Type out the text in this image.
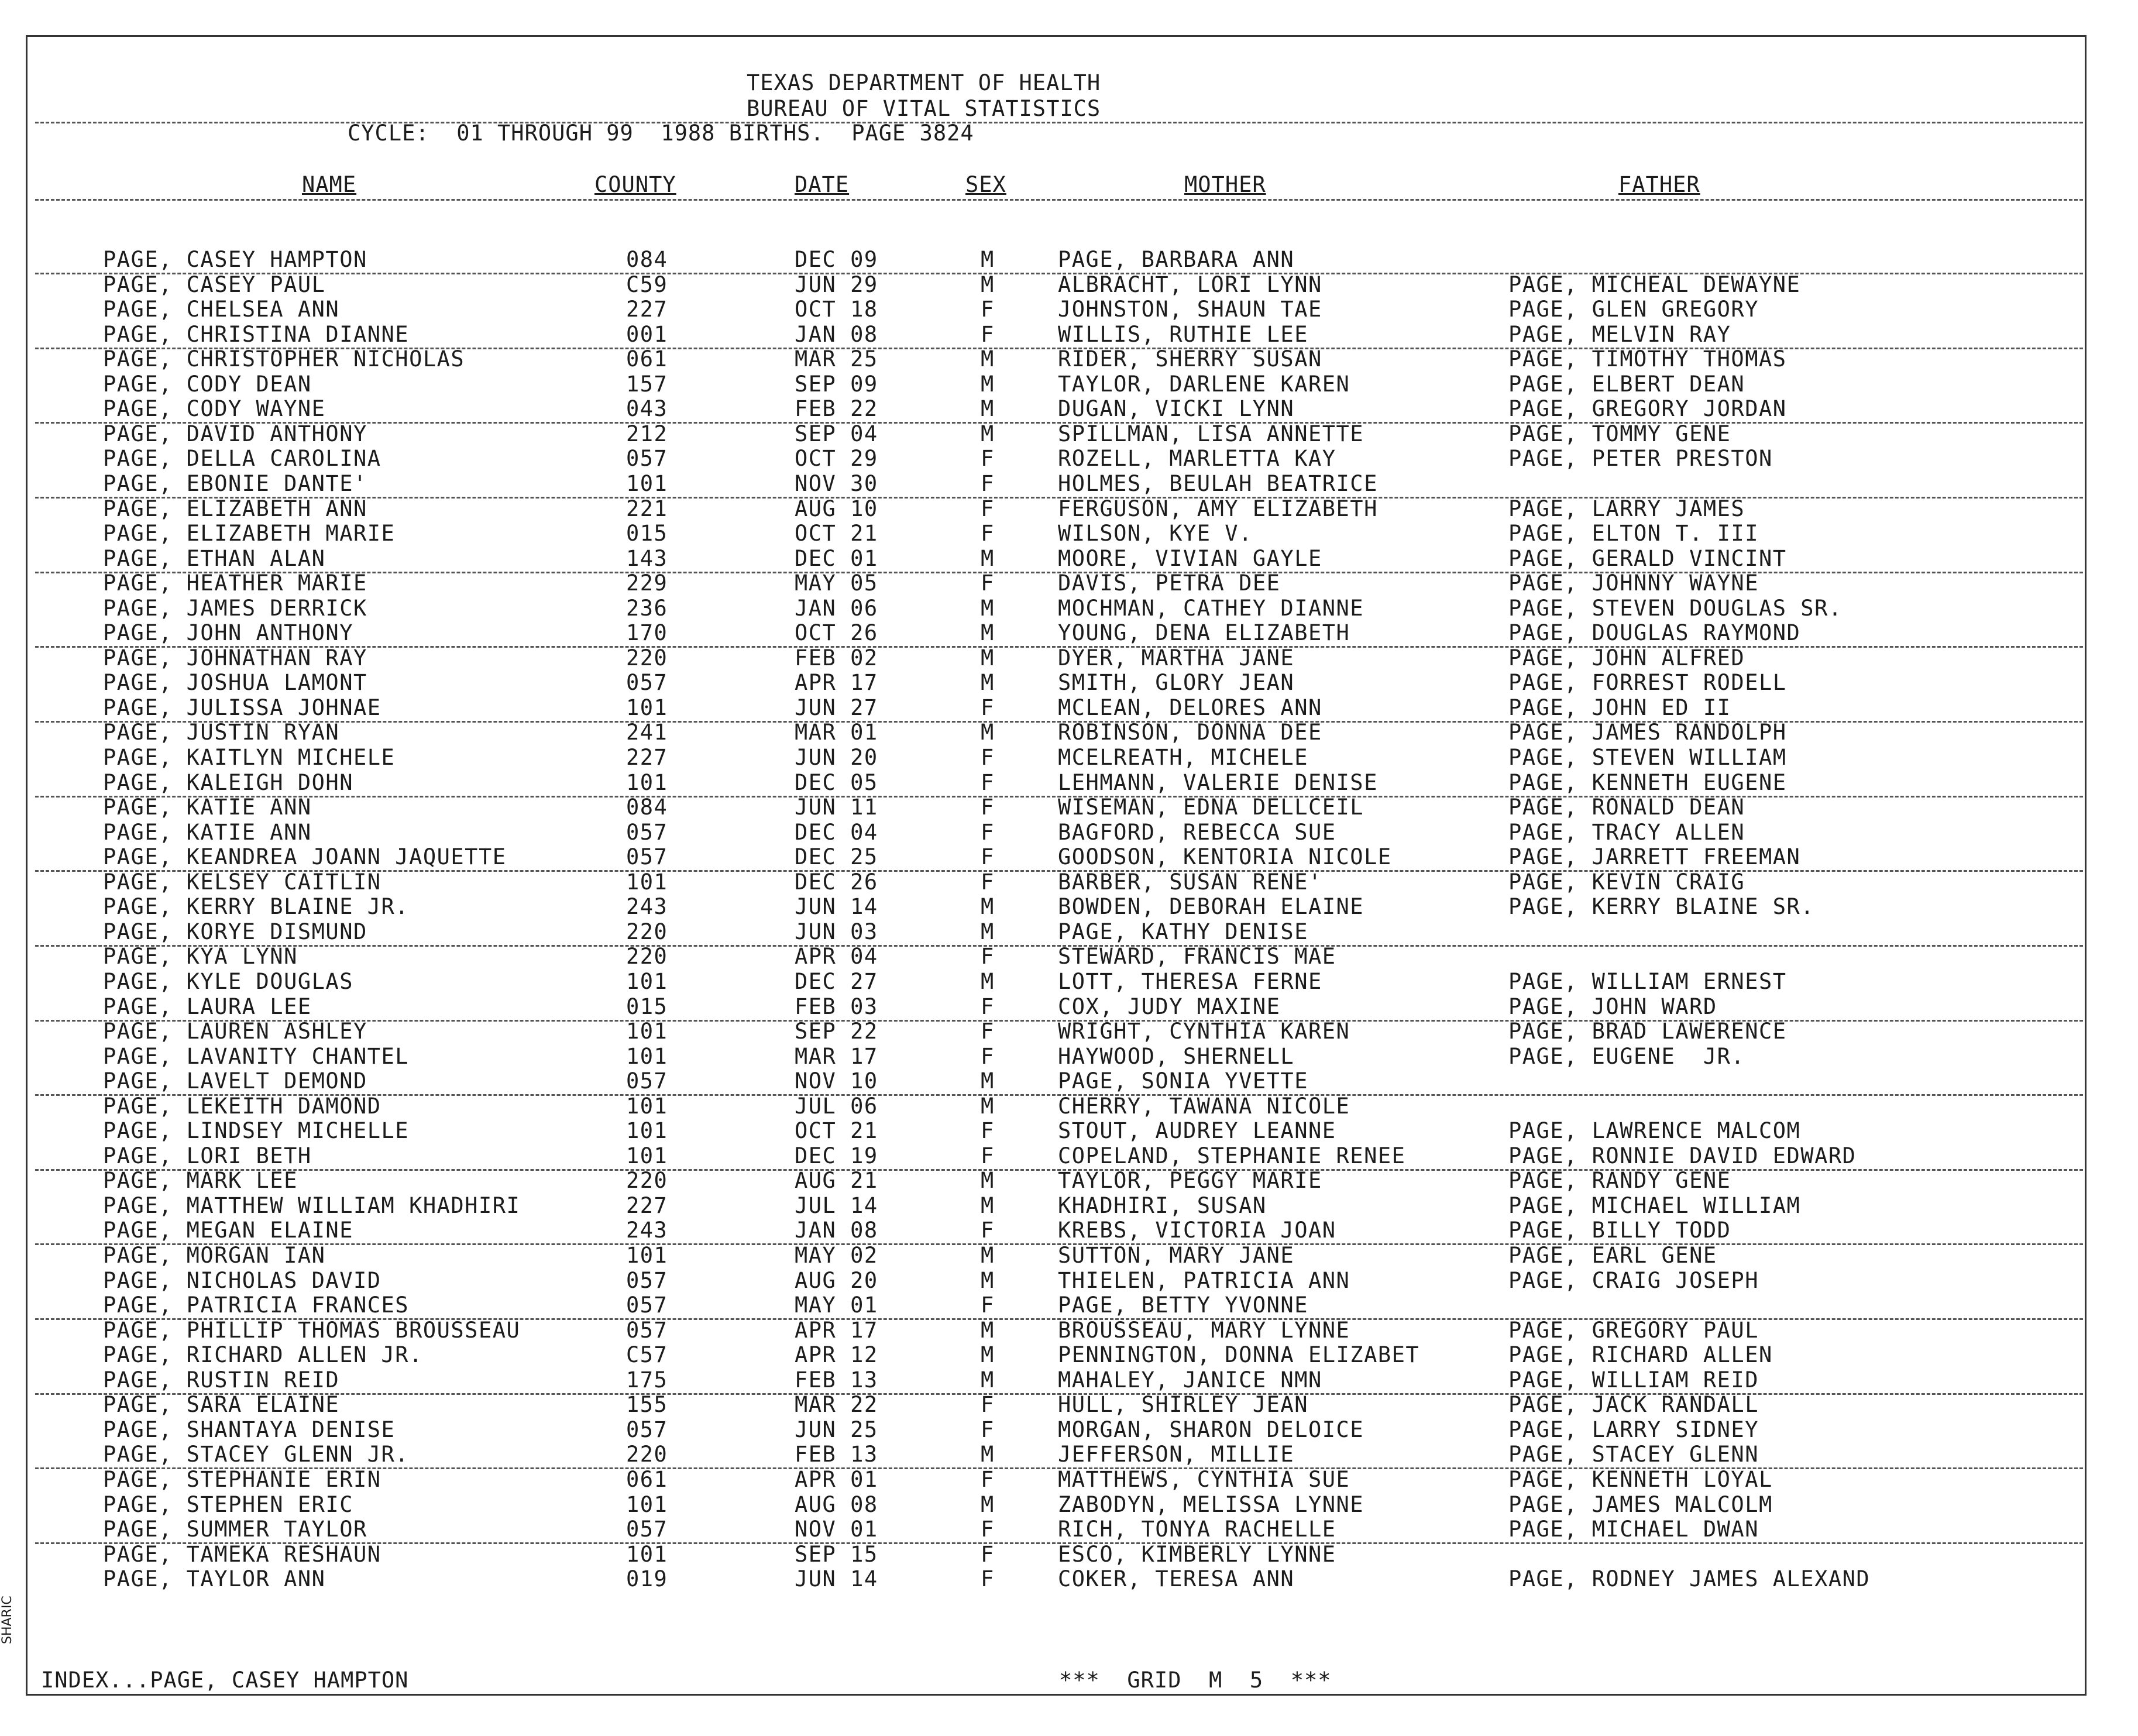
TEXAS DEPARTMENT OF HEALTH
BUREAU OF VITAL STATISTICS
CYCLE:  01 THROUGH 99  1988 BIRTHS.  PAGE 3824
NAME	COUNTY	DATE	SEX	MOTHER	FATHER
PAGE, CASEY HAMPTON	084	DEC 09	M	PAGE, BARBARA ANN
PAGE, CASEY PAUL	C59	JUN 29	M	ALBRACHT, LORI LYNN	PAGE, MICHEAL DEWAYNE
PAGE, CHELSEA ANN	227	OCT 18	F	JOHNSTON, SHAUN TAE	PAGE, GLEN GREGORY
PAGE, CHRISTINA DIANNE	001	JAN 08	F	WILLIS, RUTHIE LEE	PAGE, MELVIN RAY
PAGE, CHRISTOPHER NICHOLAS	061	MAR 25	M	RIDER, SHERRY SUSAN	PAGE, TIMOTHY THOMAS
PAGE, CODY DEAN	157	SEP 09	M	TAYLOR, DARLENE KAREN	PAGE, ELBERT DEAN
PAGE, CODY WAYNE	043	FEB 22	M	DUGAN, VICKI LYNN	PAGE, GREGORY JORDAN
PAGE, DAVID ANTHONY	212	SEP 04	M	SPILLMAN, LISA ANNETTE	PAGE, TOMMY GENE
PAGE, DELLA CAROLINA	057	OCT 29	F	ROZELL, MARLETTA KAY	PAGE, PETER PRESTON
PAGE, EBONIE DANTE'	101	NOV 30	F	HOLMES, BEULAH BEATRICE
PAGE, ELIZABETH ANN	221	AUG 10	F	FERGUSON, AMY ELIZABETH	PAGE, LARRY JAMES
PAGE, ELIZABETH MARIE	015	OCT 21	F	WILSON, KYE V.	PAGE, ELTON T. III
PAGE, ETHAN ALAN	143	DEC 01	M	MOORE, VIVIAN GAYLE	PAGE, GERALD VINCINT
PAGE, HEATHER MARIE	229	MAY 05	F	DAVIS, PETRA DEE	PAGE, JOHNNY WAYNE
PAGE, JAMES DERRICK	236	JAN 06	M	MOCHMAN, CATHEY DIANNE	PAGE, STEVEN DOUGLAS SR.
PAGE, JOHN ANTHONY	170	OCT 26	M	YOUNG, DENA ELIZABETH	PAGE, DOUGLAS RAYMOND
PAGE, JOHNATHAN RAY	220	FEB 02	M	DYER, MARTHA JANE	PAGE, JOHN ALFRED
PAGE, JOSHUA LAMONT	057	APR 17	M	SMITH, GLORY JEAN	PAGE, FORREST RODELL
PAGE, JULISSA JOHNAE	101	JUN 27	F	MCLEAN, DELORES ANN	PAGE, JOHN ED II
PAGE, JUSTIN RYAN	241	MAR 01	M	ROBINSON, DONNA DEE	PAGE, JAMES RANDOLPH
PAGE, KAITLYN MICHELE	227	JUN 20	F	MCELREATH, MICHELE	PAGE, STEVEN WILLIAM
PAGE, KALEIGH DOHN	101	DEC 05	F	LEHMANN, VALERIE DENISE	PAGE, KENNETH EUGENE
PAGE, KATIE ANN	084	JUN 11	F	WISEMAN, EDNA DELLCEIL	PAGE, RONALD DEAN
PAGE, KATIE ANN	057	DEC 04	F	BAGFORD, REBECCA SUE	PAGE, TRACY ALLEN
PAGE, KEANDREA JOANN JAQUETTE	057	DEC 25	F	GOODSON, KENTORIA NICOLE	PAGE, JARRETT FREEMAN
PAGE, KELSEY CAITLIN	101	DEC 26	F	BARBER, SUSAN RENE'	PAGE, KEVIN CRAIG
PAGE, KERRY BLAINE JR.	243	JUN 14	M	BOWDEN, DEBORAH ELAINE	PAGE, KERRY BLAINE SR.
PAGE, KORYE DISMUND	220	JUN 03	M	PAGE, KATHY DENISE
PAGE, KYA LYNN	220	APR 04	F	STEWARD, FRANCIS MAE
PAGE, KYLE DOUGLAS	101	DEC 27	M	LOTT, THERESA FERNE	PAGE, WILLIAM ERNEST
PAGE, LAURA LEE	015	FEB 03	F	COX, JUDY MAXINE	PAGE, JOHN WARD
PAGE, LAUREN ASHLEY	101	SEP 22	F	WRIGHT, CYNTHIA KAREN	PAGE, BRAD LAWERENCE
PAGE, LAVANITY CHANTEL	101	MAR 17	F	HAYWOOD, SHERNELL	PAGE, EUGENE  JR.
PAGE, LAVELT DEMOND	057	NOV 10	M	PAGE, SONIA YVETTE
PAGE, LEKEITH DAMOND	101	JUL 06	M	CHERRY, TAWANA NICOLE
PAGE, LINDSEY MICHELLE	101	OCT 21	F	STOUT, AUDREY LEANNE	PAGE, LAWRENCE MALCOM
PAGE, LORI BETH	101	DEC 19	F	COPELAND, STEPHANIE RENEE	PAGE, RONNIE DAVID EDWARD
PAGE, MARK LEE	220	AUG 21	M	TAYLOR, PEGGY MARIE	PAGE, RANDY GENE
PAGE, MATTHEW WILLIAM KHADHIRI	227	JUL 14	M	KHADHIRI, SUSAN	PAGE, MICHAEL WILLIAM
PAGE, MEGAN ELAINE	243	JAN 08	F	KREBS, VICTORIA JOAN	PAGE, BILLY TODD
PAGE, MORGAN IAN	101	MAY 02	M	SUTTON, MARY JANE	PAGE, EARL GENE
PAGE, NICHOLAS DAVID	057	AUG 20	M	THIELEN, PATRICIA ANN	PAGE, CRAIG JOSEPH
PAGE, PATRICIA FRANCES	057	MAY 01	F	PAGE, BETTY YVONNE
PAGE, PHILLIP THOMAS BROUSSEAU	057	APR 17	M	BROUSSEAU, MARY LYNNE	PAGE, GREGORY PAUL
PAGE, RICHARD ALLEN JR.	C57	APR 12	M	PENNINGTON, DONNA ELIZABET	PAGE, RICHARD ALLEN
PAGE, RUSTIN REID	175	FEB 13	M	MAHALEY, JANICE NMN	PAGE, WILLIAM REID
PAGE, SARA ELAINE	155	MAR 22	F	HULL, SHIRLEY JEAN	PAGE, JACK RANDALL
PAGE, SHANTAYA DENISE	057	JUN 25	F	MORGAN, SHARON DELOICE	PAGE, LARRY SIDNEY
PAGE, STACEY GLENN JR.	220	FEB 13	M	JEFFERSON, MILLIE	PAGE, STACEY GLENN
PAGE, STEPHANIE ERIN	061	APR 01	F	MATTHEWS, CYNTHIA SUE	PAGE, KENNETH LOYAL
PAGE, STEPHEN ERIC	101	AUG 08	M	ZABODYN, MELISSA LYNNE	PAGE, JAMES MALCOLM
PAGE, SUMMER TAYLOR	057	NOV 01	F	RICH, TONYA RACHELLE	PAGE, MICHAEL DWAN
PAGE, TAMEKA RESHAUN	101	SEP 15	F	ESCO, KIMBERLY LYNNE
PAGE, TAYLOR ANN	019	JUN 14	F	COKER, TERESA ANN	PAGE, RODNEY JAMES ALEXAND
INDEX...PAGE, CASEY HAMPTON	***  GRID  M  5  ***
SHARIC
